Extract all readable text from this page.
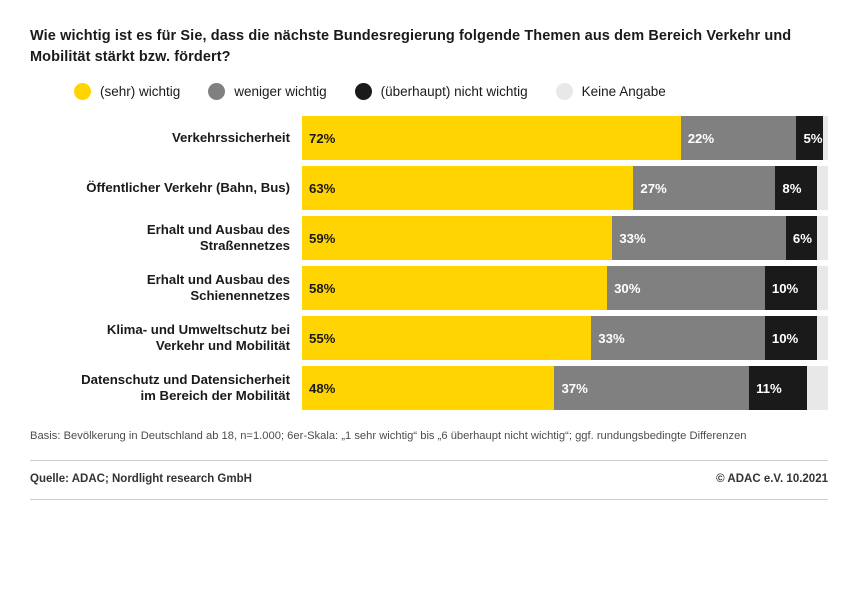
Wie wichtig ist es für Sie, dass die nächste Bundesregierung folgende Themen aus dem Bereich Verkehr und Mobilität stärkt bzw. fördert?
(sehr) wichtig	weniger wichtig	(überhaupt) nicht wichtig	Keine Angabe
Verkehrssicherheit	72%	22%	5%
Öffentlicher Verkehr (Bahn, Bus)	63%	27%	8%
Erhalt und Ausbau des
Straßennetzes	59%	33%	6%
Erhalt und Ausbau des
Schienennetzes	58%	30%	10%
Klima- und Umweltschutz bei
Verkehr und Mobilität	55%	33%	10%
Datenschutz und Datensicherheit
im Bereich der Mobilität	48%	37%	11%
Basis: Bevölkerung in Deutschland ab 18, n=1.000; 6er-Skala: „1 sehr wichtig“ bis „6 überhaupt nicht wichtig“; ggf. rundungsbedingte Differenzen
Quelle: ADAC; Nordlight research GmbH	© ADAC e.V. 10.2021
